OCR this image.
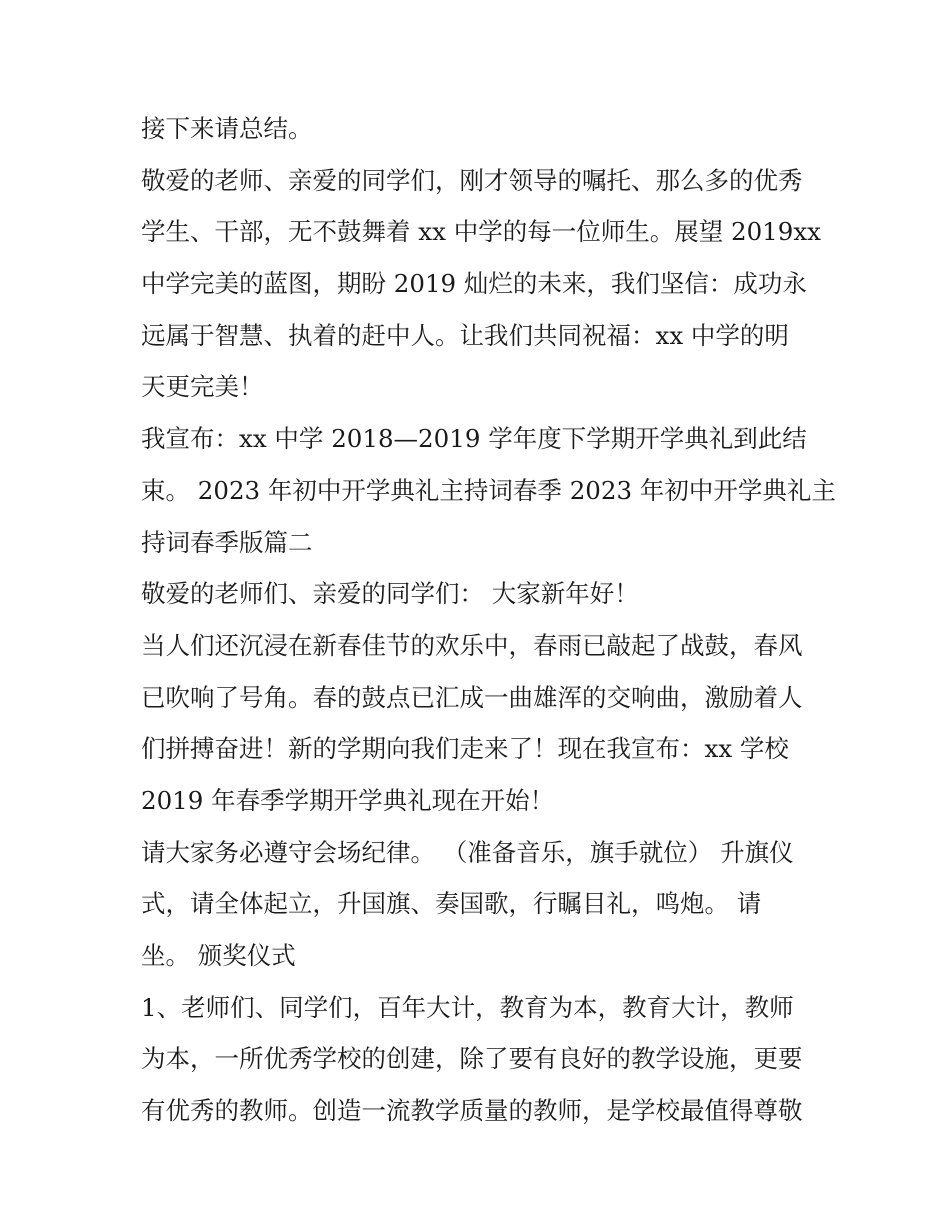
接下来请总结。
敬爱的老师、亲爱的同学们，刚才领导的嘱托、那么多的优秀
学生、干部，无不鼓舞着 xx 中学的每一位师生。展望 2019xx
中学完美的蓝图，期盼 2019 灿烂的未来，我们坚信：成功永
远属于智慧、执着的赶中人。让我们共同祝福：xx 中学的明
天更完美！
我宣布：xx 中学 2018—2019 学年度下学期开学典礼到此结
束。 2023 年初中开学典礼主持词春季 2023 年初中开学典礼主
持词春季版篇二
敬爱的老师们、亲爱的同学们： 大家新年好！
当人们还沉浸在新春佳节的欢乐中，春雨已敲起了战鼓，春风
已吹响了号角。春的鼓点已汇成一曲雄浑的交响曲，激励着人
们拼搏奋进！新的学期向我们走来了！现在我宣布：xx 学校
2019 年春季学期开学典礼现在开始！
请大家务必遵守会场纪律。 （准备音乐，旗手就位） 升旗仪
式，请全体起立，升国旗、奏国歌，行瞩目礼，鸣炮。 请
坐。 颁奖仪式
1、老师们、同学们，百年大计，教育为本，教育大计，教师
为本，一所优秀学校的创建，除了要有良好的教学设施，更要
有优秀的教师。创造一流教学质量的教师，是学校最值得尊敬
